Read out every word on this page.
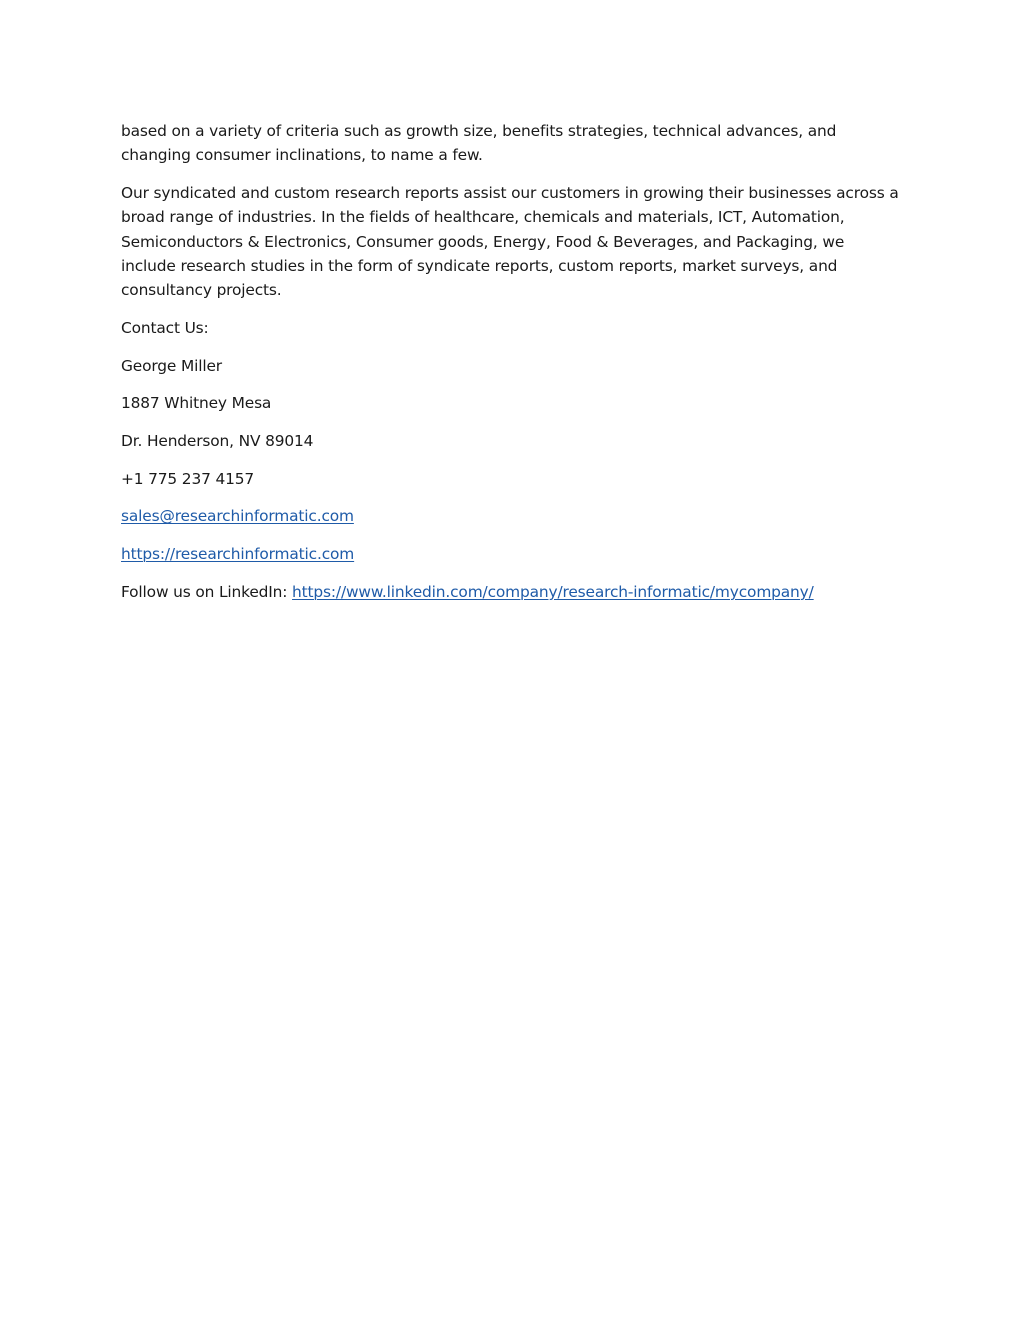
based on a variety of criteria such as growth size, benefits strategies, technical advances, and changing consumer inclinations, to name a few.

Our syndicated and custom research reports assist our customers in growing their businesses across a broad range of industries. In the fields of healthcare, chemicals and materials, ICT, Automation, Semiconductors & Electronics, Consumer goods, Energy, Food & Beverages, and Packaging, we include research studies in the form of syndicate reports, custom reports, market surveys, and consultancy projects.

Contact Us:

George Miller

1887 Whitney Mesa

Dr. Henderson, NV 89014

+1 775 237 4157

sales@researchinformatic.com

https://researchinformatic.com

Follow us on LinkedIn: https://www.linkedin.com/company/research-informatic/mycompany/
